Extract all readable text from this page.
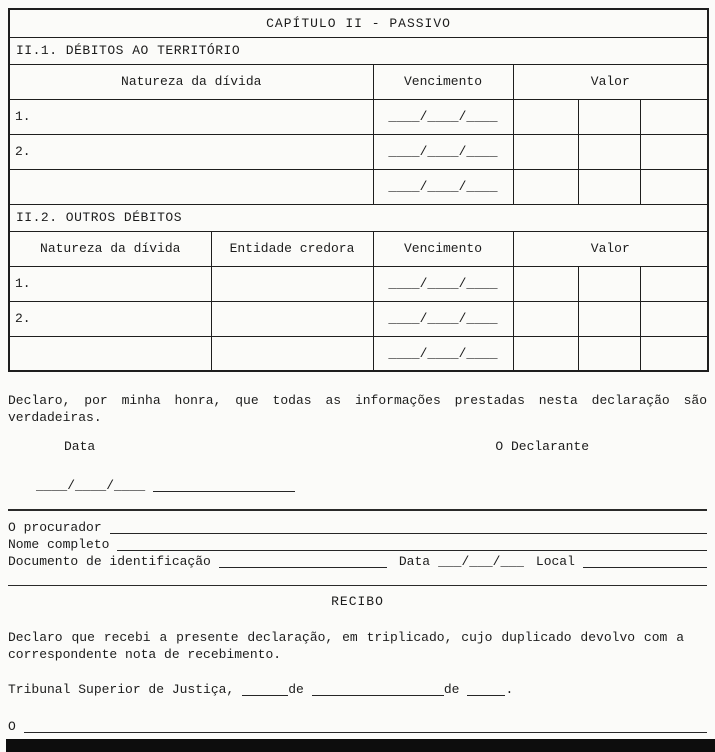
CAPÍTULO II - PASSIVO					
II.1. DÉBITOS AO TERRITÓRIO					
Natureza da dívida		Vencimento	Valor		
1.		____/____/____			
2.		____/____/____			
		____/____/____			
II.2. OUTROS DÉBITOS					
Natureza da dívida	Entidade credora	Vencimento	Valor		
1.		____/____/____			
2.		____/____/____			
		____/____/____			

Declaro, por minha honra, que todas as informações prestadas nesta declaração são verdadeiras.

Data	O Declarante
____/____/____
O procurador
Nome completo
Documento de identificação	Data ___/___/___ Local
RECIBO

Declaro que recebi a presente declaração, em triplicado, cujo duplicado devolvo com a correspondente nota de recebimento.

Tribunal Superior de Justiça,	de	de	.
O
